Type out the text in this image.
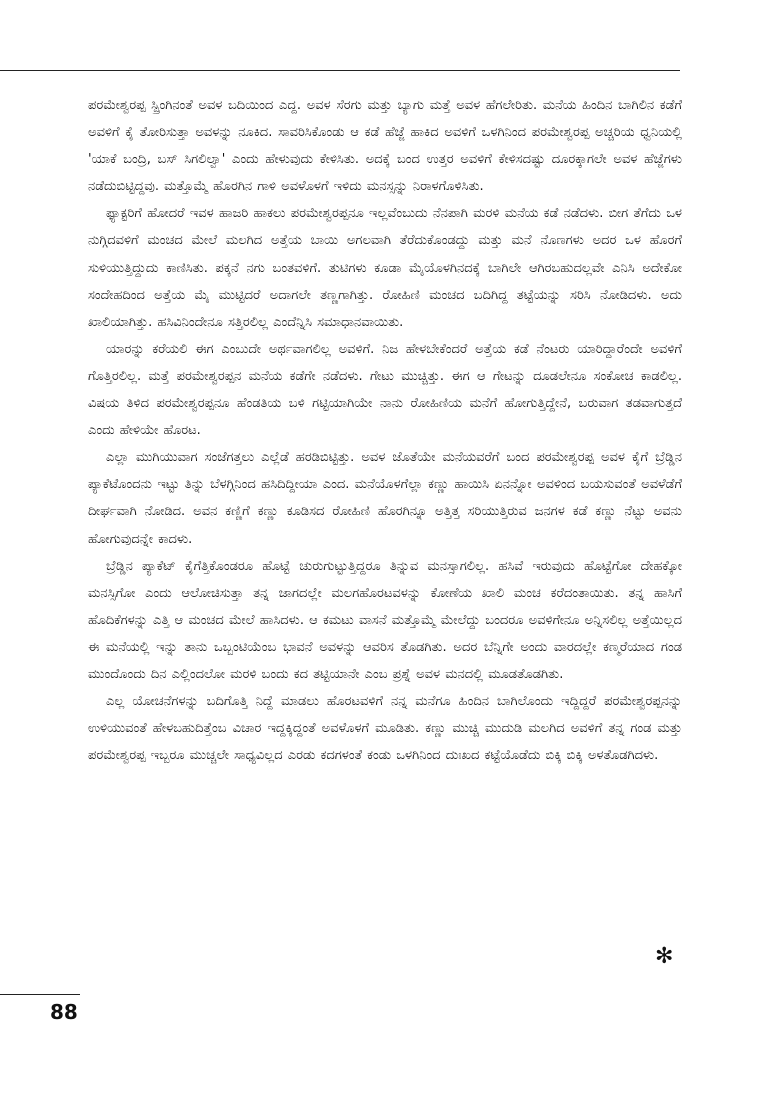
ಪರಮೇಶ್ವರಪ್ಪ ಸ್ಪ್ರಿಂಗಿನಂತೆ ಅವಳ ಬದಿಯಿಂದ ಎದ್ದ. ಅವಳ ಸೆರಗು ಮತ್ತು ಬ್ಯಾಗು ಮತ್ತೆ ಅವಳ ಹೆಗಲೇರಿತು. ಮನೆಯ ಹಿಂದಿನ ಬಾಗಿಲಿನ ಕಡೆಗೆ ಅವಳಿಗೆ ಕೈ ತೋರಿಸುತ್ತಾ ಅವಳನ್ನು ನೂಕಿದ. ಸಾವರಿಸಿಕೊಂಡು ಆ ಕಡೆ ಹೆಜ್ಜೆ ಹಾಕಿದ ಅವಳಿಗೆ ಒಳಗಿನಿಂದ ಪರಮೇಶ್ವರಪ್ಪ ಅಚ್ಚರಿಯ ಧ್ವನಿಯಲ್ಲಿ 'ಯಾಕೆ ಬಂದ್ರಿ, ಬಸ್ ಸಿಗಲಿಲ್ವಾ' ಎಂದು ಹೇಳುವುದು ಕೇಳಿಸಿತು. ಅದಕ್ಕೆ ಬಂದ ಉತ್ತರ ಅವಳಿಗೆ ಕೇಳಿಸದಷ್ಟು ದೂರಕ್ಕಾಗಲೇ ಅವಳ ಹೆಜ್ಜೆಗಳು ನಡೆದುಬಿಟ್ಟಿದ್ದವು. ಮತ್ತೊಮ್ಮೆ ಹೊರಗಿನ ಗಾಳಿ ಅವಳೊಳಗೆ ಇಳಿದು ಮನಸ್ಸನ್ನು ನಿರಾಳಗೊಳಿಸಿತು.

ಫ್ಯಾಕ್ಟರಿಗೆ ಹೋದರೆ ಇವಳ ಹಾಜರಿ ಹಾಕಲು ಪರಮೇಶ್ವರಪ್ಪನೂ ಇಲ್ಲವೆಂಬುದು ನೆನಪಾಗಿ ಮರಳಿ ಮನೆಯ ಕಡೆ ನಡೆದಳು. ಬೀಗ ತೆಗೆದು ಒಳ ನುಗ್ಗಿದವಳಿಗೆ ಮಂಚದ ಮೇಲೆ ಮಲಗಿದ ಅತ್ತೆಯ ಬಾಯಿ ಅಗಲವಾಗಿ ತೆರೆದುಕೊಂಡದ್ದು ಮತ್ತು ಮನೆ ನೊಣಗಳು ಅದರ ಒಳ ಹೊರಗೆ ಸುಳಿಯುತ್ತಿದ್ದುದು ಕಾಣಿಸಿತು. ಪಕ್ಕನೆ ನಗು ಬಂತವಳಿಗೆ. ತುಟಿಗಳು ಕೂಡಾ ಮೈಯೊಳಗಿನದಕ್ಕೆ ಬಾಗಿಲೇ ಆಗಿರಬಹುದಲ್ಲವೇ ಎನಿಸಿ ಅದೇಕೋ ಸಂದೇಹದಿಂದ ಅತ್ತೆಯ ಮೈ ಮುಟ್ಟಿದರೆ ಅದಾಗಲೇ ತಣ್ಣಗಾಗಿತ್ತು. ರೋಹಿಣಿ ಮಂಚದ ಬದಿಗಿದ್ದ ತಟ್ಟೆಯನ್ನು ಸರಿಸಿ ನೋಡಿದಳು. ಅದು ಖಾಲಿಯಾಗಿತ್ತು. ಹಸಿವಿನಿಂದೇನೂ ಸತ್ತಿರಲಿಲ್ಲ ಎಂದೆನ್ನಿಸಿ ಸಮಾಧಾನವಾಯಿತು.

ಯಾರನ್ನು ಕರೆಯಲಿ ಈಗ ಎಂಬುದೇ ಅರ್ಥವಾಗಲಿಲ್ಲ ಅವಳಿಗೆ. ನಿಜ ಹೇಳಬೇಕೆಂದರೆ ಅತ್ತೆಯ ಕಡೆ ನೆಂಟರು ಯಾರಿದ್ದಾರೆಂದೇ ಅವಳಿಗೆ ಗೊತ್ತಿರಲಿಲ್ಲ. ಮತ್ತೆ ಪರಮೇಶ್ವರಪ್ಪನ ಮನೆಯ ಕಡೆಗೇ ನಡೆದಳು. ಗೇಟು ಮುಚ್ಚಿತ್ತು. ಈಗ ಆ ಗೇಟನ್ನು ದೂಡಲೇನೂ ಸಂಕೋಚ ಕಾಡಲಿಲ್ಲ. ವಿಷಯ ತಿಳಿದ ಪರಮೇಶ್ವರಪ್ಪನೂ ಹೆಂಡತಿಯ ಬಳಿ ಗಟ್ಟಿಯಾಗಿಯೇ ನಾನು ರೋಹಿಣಿಯ ಮನೆಗೆ ಹೋಗುತ್ತಿದ್ದೇನೆ, ಬರುವಾಗ ತಡವಾಗುತ್ತದೆ ಎಂದು ಹೇಳಿಯೇ ಹೊರಟ.

ಎಲ್ಲಾ ಮುಗಿಯುವಾಗ ಸಂಜೆಗತ್ತಲು ಎಲ್ಲೆಡೆ ಹರಡಿಬಿಟ್ಟಿತ್ತು. ಅವಳ ಜೊತೆಯೇ ಮನೆಯವರೆಗೆ ಬಂದ ಪರಮೇಶ್ವರಪ್ಪ ಅವಳ ಕೈಗೆ ಬ್ರೆಡ್ಡಿನ ಪ್ಯಾಕೆಟೊಂದನು ಇಟ್ಟು ತಿನ್ನು ಬೆಳಗ್ಗಿನಿಂದ ಹಸಿದಿದ್ದೀಯಾ ಎಂದ. ಮನೆಯೊಳಗೆಲ್ಲಾ ಕಣ್ಣು ಹಾಯಿಸಿ ಏನನ್ನೋ ಅವಳಿಂದ ಬಯಸುವಂತೆ ಅವಳೆಡೆಗೆ ದೀರ್ಘವಾಗಿ ನೋಡಿದ. ಅವನ ಕಣ್ಣಿಗೆ ಕಣ್ಣು ಕೂಡಿಸದ ರೋಹಿಣಿ ಹೊರಗಿನ್ನೂ ಅತ್ತಿತ್ತ ಸರಿಯುತ್ತಿರುವ ಜನಗಳ ಕಡೆ ಕಣ್ಣು ನೆಟ್ಟು ಅವನು ಹೋಗುವುದನ್ನೇ ಕಾದಳು.

ಬ್ರೆಡ್ಡಿನ ಪ್ಯಾಕೆಟ್ ಕೈಗೆತ್ತಿಕೊಂಡರೂ ಹೊಟ್ಟೆ ಚುರುಗುಟ್ಟುತ್ತಿದ್ದರೂ ತಿನ್ನುವ ಮನಸ್ಸಾಗಲಿಲ್ಲ. ಹಸಿವೆ ಇರುವುದು ಹೊಟ್ಟೆಗೋ ದೇಹಕ್ಕೋ ಮನಸ್ಸಿಗೋ ಎಂದು ಆಲೋಚಿಸುತ್ತಾ ತನ್ನ ಜಾಗದಲ್ಲೇ ಮಲಗಹೊರಟವಳನ್ನು ಕೋಣೆಯ ಖಾಲಿ ಮಂಚ ಕರೆದಂತಾಯಿತು. ತನ್ನ ಹಾಸಿಗೆ ಹೊದಿಕೆಗಳನ್ನು ಎತ್ತಿ ಆ ಮಂಚದ ಮೇಲೆ ಹಾಸಿದಳು. ಆ ಕಮಟು ವಾಸನೆ ಮತ್ತೊಮ್ಮೆ ಮೇಲೆದ್ದು ಬಂದರೂ ಅವಳಿಗೇನೂ ಅನ್ನಿಸಲಿಲ್ಲ ಅತ್ತೆಯಿಲ್ಲದ ಈ ಮನೆಯಲ್ಲಿ ಇನ್ನು ತಾನು ಒಬ್ಬಂಟಿಯೆಂಬ ಭಾವನೆ ಅವಳನ್ನು ಆವರಿಸ ತೊಡಗಿತು. ಅದರ ಬೆನ್ನಿಗೇ ಅಂದು ವಾರದಲ್ಲೇ ಕಣ್ಮರೆಯಾದ ಗಂಡ ಮುಂದೊಂದು ದಿನ ಎಲ್ಲಿಂದಲೋ ಮರಳಿ ಬಂದು ಕದ ತಟ್ಟಿಯಾನೇ ಎಂಬ ಪ್ರಶ್ನೆ ಅವಳ ಮನದಲ್ಲಿ ಮೂಡತೊಡಗಿತು.

ಎಲ್ಲ ಯೋಚನೆಗಳನ್ನು ಬದಿಗೊತ್ತಿ ನಿದ್ದೆ ಮಾಡಲು ಹೊರಟವಳಿಗೆ ನನ್ನ ಮನೆಗೂ ಹಿಂದಿನ ಬಾಗಿಲೊಂದು ಇದ್ದಿದ್ದರೆ ಪರಮೇಶ್ವರಪ್ಪನನ್ನು ಉಳಿಯುವಂತೆ ಹೇಳಬಹುದಿತ್ತೆಂಬ ವಿಚಾರ ಇದ್ದಕ್ಕಿದ್ದಂತೆ ಅವಳೊಳಗೆ ಮೂಡಿತು. ಕಣ್ಣು ಮುಚ್ಚಿ ಮುದುಡಿ ಮಲಗಿದ ಅವಳಿಗೆ ತನ್ನ ಗಂಡ ಮತ್ತು ಪರಮೇಶ್ವರಪ್ಪ ಇಬ್ಬರೂ ಮುಚ್ಚಲೇ ಸಾಧ್ಯವಿಲ್ಲದ ಎರಡು ಕದಗಳಂತೆ ಕಂಡು ಒಳಗಿನಿಂದ ದುಃಖದ ಕಟ್ಟೆಯೊಡೆದು ಬಿಕ್ಕಿ ಬಿಕ್ಕಿ ಅಳತೊಡಗಿದಳು.

✻
88
